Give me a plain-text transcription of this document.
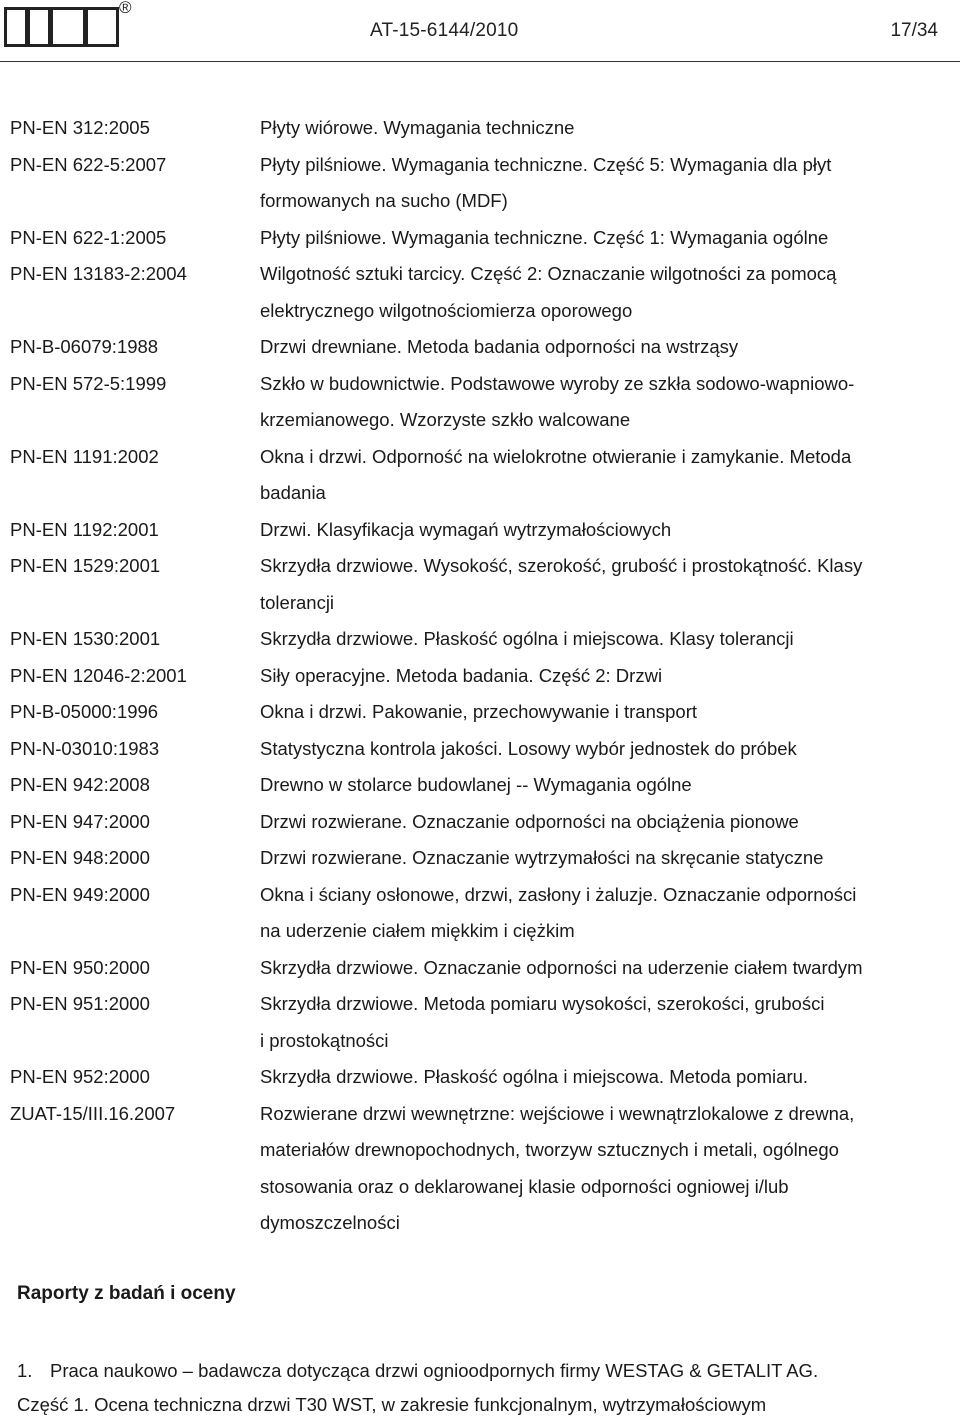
®
AT-15-6144/2010	17/34
PN-EN 312:2005	Płyty wiórowe. Wymagania techniczne
PN-EN 622-5:2007	Płyty pilśniowe. Wymagania techniczne. Część 5: Wymagania dla płyt
formowanych na sucho (MDF)
PN-EN 622-1:2005	Płyty pilśniowe. Wymagania techniczne. Część 1: Wymagania ogólne
PN-EN 13183-2:2004	Wilgotność sztuki tarcicy. Część 2: Oznaczanie wilgotności za pomocą
elektrycznego wilgotnościomierza oporowego
PN-B-06079:1988	Drzwi drewniane. Metoda badania odporności na wstrząsy
PN-EN 572-5:1999	Szkło w budownictwie. Podstawowe wyroby ze szkła sodowo-wapniowo-
krzemianowego. Wzorzyste szkło walcowane
PN-EN 1191:2002	Okna i drzwi. Odporność na wielokrotne otwieranie i zamykanie. Metoda
badania
PN-EN 1192:2001	Drzwi. Klasyfikacja wymagań wytrzymałościowych
PN-EN 1529:2001	Skrzydła drzwiowe. Wysokość, szerokość, grubość i prostokątność. Klasy
tolerancji
PN-EN 1530:2001	Skrzydła drzwiowe. Płaskość ogólna i miejscowa. Klasy tolerancji
PN-EN 12046-2:2001	Siły operacyjne. Metoda badania. Część 2: Drzwi
PN-B-05000:1996	Okna i drzwi. Pakowanie, przechowywanie i transport
PN-N-03010:1983	Statystyczna kontrola jakości. Losowy wybór jednostek do próbek
PN-EN 942:2008	Drewno w stolarce budowlanej -- Wymagania ogólne
PN-EN 947:2000	Drzwi rozwierane. Oznaczanie odporności na obciążenia pionowe
PN-EN 948:2000	Drzwi rozwierane. Oznaczanie wytrzymałości na skręcanie statyczne
PN-EN 949:2000	Okna i ściany osłonowe, drzwi, zasłony i żaluzje. Oznaczanie odporności
na uderzenie ciałem miękkim i ciężkim
PN-EN 950:2000	Skrzydła drzwiowe. Oznaczanie odporności na uderzenie ciałem twardym
PN-EN 951:2000	Skrzydła drzwiowe. Metoda pomiaru wysokości, szerokości, grubości
i prostokątności
PN-EN 952:2000	Skrzydła drzwiowe. Płaskość ogólna i miejscowa. Metoda pomiaru.
ZUAT-15/III.16.2007	Rozwierane drzwi wewnętrzne: wejściowe i wewnątrzlokalowe z drewna,
materiałów drewnopochodnych, tworzyw sztucznych i metali, ogólnego
stosowania oraz o deklarowanej klasie odporności ogniowej i/lub
dymoszczelności
Raporty z badań i oceny
1. Praca naukowo – badawcza dotycząca drzwi ognioodpornych firmy WESTAG & GETALIT AG.
Część 1. Ocena techniczna drzwi T30 WST, w zakresie funkcjonalnym, wytrzymałościowym
